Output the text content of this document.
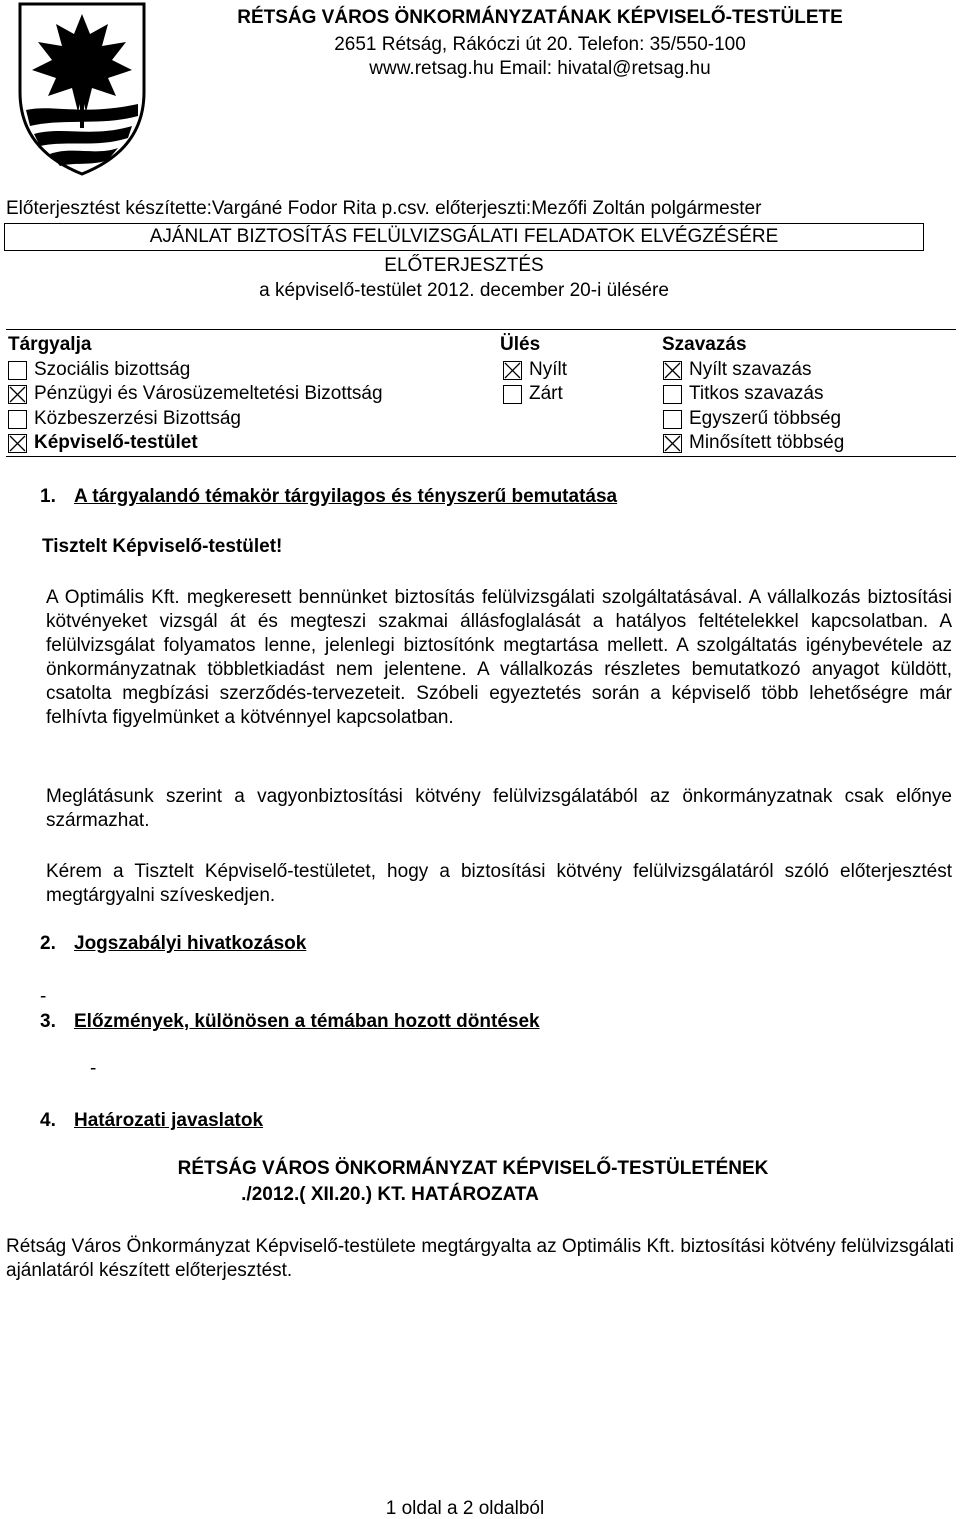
RÉTSÁG VÁROS ÖNKORMÁNYZATÁNAK KÉPVISELŐ-TESTÜLETE
2651 Rétság, Rákóczi út 20. Telefon: 35/550-100
www.retsag.hu Email: hivatal@retsag.hu
Előterjesztést készítette:Vargáné Fodor Rita p.csv. előterjeszti:Mezőfi Zoltán polgármester
AJÁNLAT BIZTOSÍTÁS FELÜLVIZSGÁLATI FELADATOK ELVÉGZÉSÉRE
ELŐTERJESZTÉS
a képviselő-testület 2012. december 20-i ülésére
Tárgyalja	Ülés	Szavazás
Szociális bizottság
Pénzügyi és Városüzemeltetési Bizottság
Közbeszerzési Bizottság
Képviselő-testület
Nyílt
Zárt
Nyílt szavazás
Titkos szavazás
Egyszerű többség
Minősített többség
1. A tárgyalandó témakör tárgyilagos és tényszerű bemutatása
Tisztelt Képviselő-testület!
A Optimális Kft. megkeresett bennünket biztosítás felülvizsgálati szolgáltatásával. A vállalkozás biztosítási kötvényeket vizsgál át és megteszi szakmai állásfoglalását a hatályos feltételekkel kapcsolatban. A felülvizsgálat folyamatos lenne, jelenlegi biztosítónk megtartása mellett. A szolgáltatás igénybevétele az önkormányzatnak többletkiadást nem jelentene. A vállalkozás részletes bemutatkozó anyagot küldött, csatolta megbízási szerződés-tervezeteit. Szóbeli egyeztetés során a képviselő több lehetőségre már felhívta figyelmünket a kötvénnyel kapcsolatban.
Meglátásunk szerint a vagyonbiztosítási kötvény felülvizsgálatából az önkormányzatnak csak előnye származhat.
Kérem a Tisztelt Képviselő-testületet, hogy a biztosítási kötvény felülvizsgálatáról szóló előterjesztést megtárgyalni szíveskedjen.
2. Jogszabályi hivatkozások
-
3. Előzmények, különösen a témában hozott döntések
-
4. Határozati javaslatok
RÉTSÁG VÁROS ÖNKORMÁNYZAT KÉPVISELŐ-TESTÜLETÉNEK
./2012.( XII.20.) KT. HATÁROZATA
Rétság Város Önkormányzat Képviselő-testülete megtárgyalta az Optimális Kft. biztosítási kötvény felülvizsgálati ajánlatáról készített előterjesztést.
1 oldal a 2 oldalból
